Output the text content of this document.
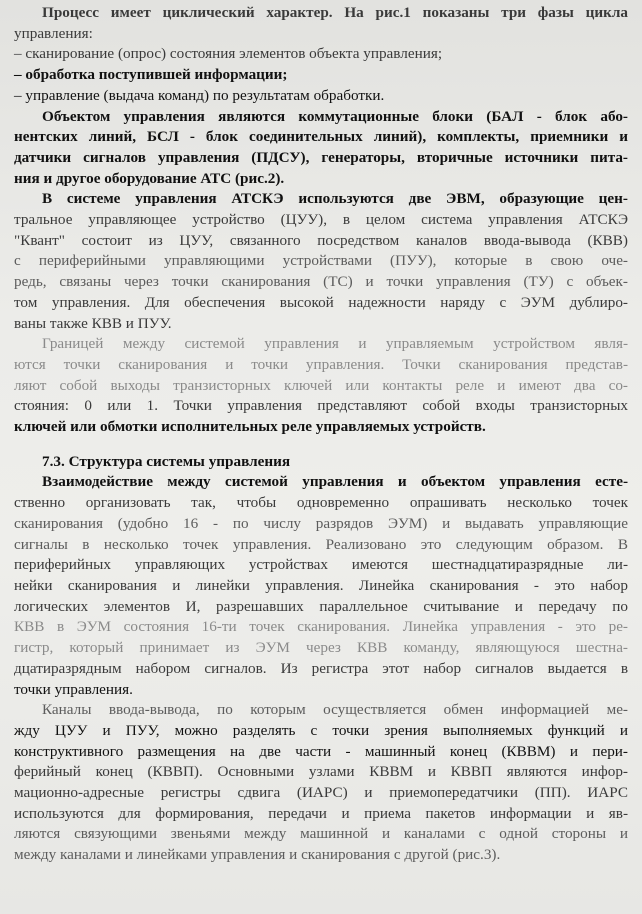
Процесс имеет циклический характер. На рис.1 показаны три фазы цикла
управления:
– сканирование (опрос) состояния элементов объекта управления;
– обработка поступившей информации;
– управление (выдача команд) по результатам обработки.
Объектом управления являются коммутационные блоки (БАЛ - блок або-
нентских линий, БСЛ - блок соединительных линий), комплекты, приемники и
датчики сигналов управления (ПДСУ), генераторы, вторичные источники пита-
ния и другое оборудование АТС (рис.2).
В системе управления АТСКЭ используются две ЭВМ, образующие цен-
тральное управляющее устройство (ЦУУ), в целом система управления АТСКЭ
"Квант" состоит из ЦУУ, связанного посредством каналов ввода-вывода (КВВ)
с периферийными управляющими устройствами (ПУУ), которые в свою оче-
редь, связаны через точки сканирования (ТС) и точки управления (ТУ) с объек-
том управления. Для обеспечения высокой надежности наряду с ЭУМ дублиро-
ваны также КВВ и ПУУ.
Границей между системой управления и управляемым устройством явля-
ются точки сканирования и точки управления. Точки сканирования представ-
ляют собой выходы транзисторных ключей или контакты реле и имеют два со-
стояния: 0 или 1. Точки управления представляют собой входы транзисторных
ключей или обмотки исполнительных реле управляемых устройств.
7.3. Структура системы управления
Взаимодействие между системой управления и объектом управления есте-
ственно организовать так, чтобы одновременно опрашивать несколько точек
сканирования (удобно 16 - по числу разрядов ЭУМ) и выдавать управляющие
сигналы в несколько точек управления. Реализовано это следующим образом. В
периферийных управляющих устройствах имеются шестнадцатиразрядные ли-
нейки сканирования и линейки управления. Линейка сканирования - это набор
логических элементов И, разрешавших параллельное считывание и передачу по
КВВ в ЭУМ состояния 16-ти точек сканирования. Линейка управления - это ре-
гистр, который принимает из ЭУМ через КВВ команду, являющуюся шестна-
дцатиразрядным набором сигналов. Из регистра этот набор сигналов выдается в
точки управления.
Каналы ввода-вывода, по которым осуществляется обмен информацией ме-
жду ЦУУ и ПУУ, можно разделять с точки зрения выполняемых функций и
конструктивного размещения на две части - машинный конец (КВВМ) и пери-
ферийный конец (КВВП). Основными узлами КВВМ и КВВП являются инфор-
мационно-адресные регистры сдвига (ИАРС) и приемопередатчики (ПП). ИАРС
используются для формирования, передачи и приема пакетов информации и яв-
ляются связующими звеньями между машинной и каналами с одной стороны и
между каналами и линейками управления и сканирования с другой (рис.3).
